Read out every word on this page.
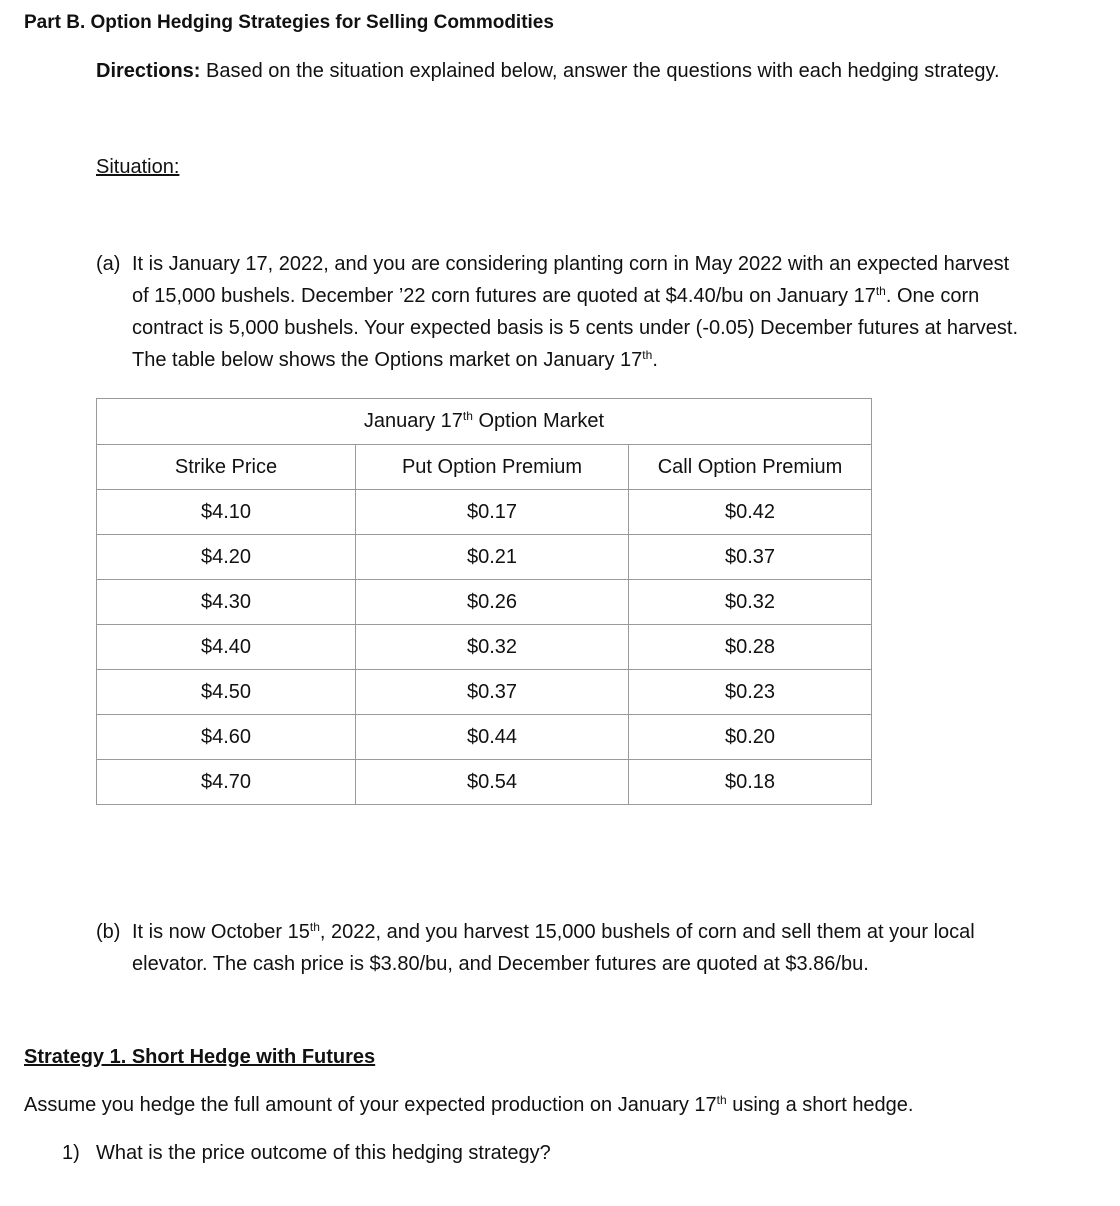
Part B. Option Hedging Strategies for Selling Commodities
Directions: Based on the situation explained below, answer the questions with each hedging strategy.
Situation:
(a) It is January 17, 2022, and you are considering planting corn in May 2022 with an expected harvest
of 15,000 bushels. December ’22 corn futures are quoted at $4.40/bu on January 17th. One corn
contract is 5,000 bushels. Your expected basis is 5 cents under (-0.05) December futures at harvest.
The table below shows the Options market on January 17th.
January 17th Option Market		
Strike Price	Put Option Premium	Call Option Premium
$4.10	$0.17	$0.42
$4.20	$0.21	$0.37
$4.30	$0.26	$0.32
$4.40	$0.32	$0.28
$4.50	$0.37	$0.23
$4.60	$0.44	$0.20
$4.70	$0.54	$0.18
(b) It is now October 15th, 2022, and you harvest 15,000 bushels of corn and sell them at your local
elevator. The cash price is $3.80/bu, and December futures are quoted at $3.86/bu.
Strategy 1. Short Hedge with Futures
Assume you hedge the full amount of your expected production on January 17th using a short hedge.
1) What is the price outcome of this hedging strategy?
